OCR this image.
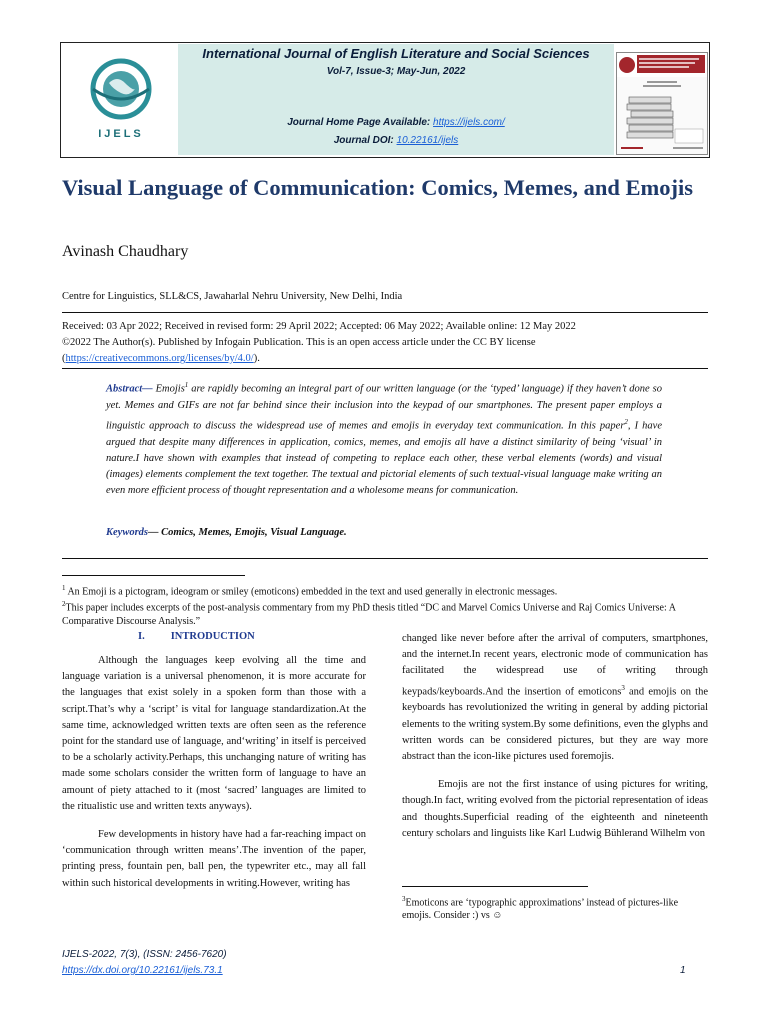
IJELS
International Journal of English Literature and Social Sciences
Vol-7, Issue-3; May-Jun, 2022
Journal Home Page Available: https://ijels.com/
Journal DOI: 10.22161/ijels
Visual Language of Communication: Comics, Memes, and Emojis
Avinash Chaudhary
Centre for Linguistics, SLL&CS, Jawaharlal Nehru University, New Delhi, India
Received: 03 Apr 2022; Received in revised form: 29 April 2022; Accepted: 06 May 2022; Available online: 12 May 2022
©2022 The Author(s). Published by Infogain Publication. This is an open access article under the CC BY license
(https://creativecommons.org/licenses/by/4.0/).
Abstract— Emojis$^1$ are rapidly becoming an integral part of our written language (or the ‘typed’ language) if they haven’t done so yet. Memes and GIFs are not far behind since their inclusion into the keypad of our smartphones. The present paper employs a linguistic approach to discuss the widespread use of memes and emojis in everyday text communication. In this paper$^2$, I have argued that despite many differences in application, comics, memes, and emojis all have a distinct similarity of being ‘visual’ in nature.I have shown with examples that instead of competing to replace each other, these verbal elements (words) and visual (images) elements complement the text together. The textual and pictorial elements of such textual-visual language make writing an even more efficient process of thought representation and a wholesome means for communication.
Keywords— Comics, Memes, Emojis, Visual Language.
$^1$ An Emoji is a pictogram, ideogram or smiley (emoticons) embedded in the text and used generally in electronic messages.
$^2$This paper includes excerpts of the post-analysis commentary from my PhD thesis titled “DC and Marvel Comics Universe and Raj Comics Universe: A Comparative Discourse Analysis.”
I. INTRODUCTION

Although the languages keep evolving all the time and language variation is a universal phenomenon, it is more accurate for the languages that exist solely in a spoken form than those with a script.That’s why a ‘script’ is vital for language standardization.At the same time, acknowledged written texts are often seen as the reference point for the standard use of language, and‘writing’ in itself is perceived to be a scholarly activity.Perhaps, this unchanging nature of writing has made some scholars consider the written form of language to have an amount of piety attached to it (most ‘sacred’ languages are limited to the ritualistic use and written texts anyways).

Few developments in history have had a far-reaching impact on ‘communication through written means’.The invention of the paper, printing press, fountain pen, ball pen, the typewriter etc., may all fall within such historical developments in writing.However, writing has

changed like never before after the arrival of computers, smartphones, and the internet.In recent years, electronic mode of communication has facilitated the widespread use of writing through keypads/keyboards.And the insertion of emoticons$^3$ and emojis on the keyboards has revolutionized the writing in general by adding pictorial elements to the writing system.By some definitions, even the glyphs and written words can be considered pictures, but they are way more abstract than the icon-like pictures used foremojis.

Emojis are not the first instance of using pictures for writing, though.In fact, writing evolved from the pictorial representation of ideas and thoughts.Superficial reading of the eighteenth and nineteenth century scholars and linguists like Karl Ludwig Bühlerand Wilhelm von

$^3$Emoticons are ‘typographic approximations’ instead of pictures-like emojis. Consider :) vs ☺
IJELS-2022, 7(3), (ISSN: 2456-7620)
https://dx.doi.org/10.22161/ijels.73.1	1
